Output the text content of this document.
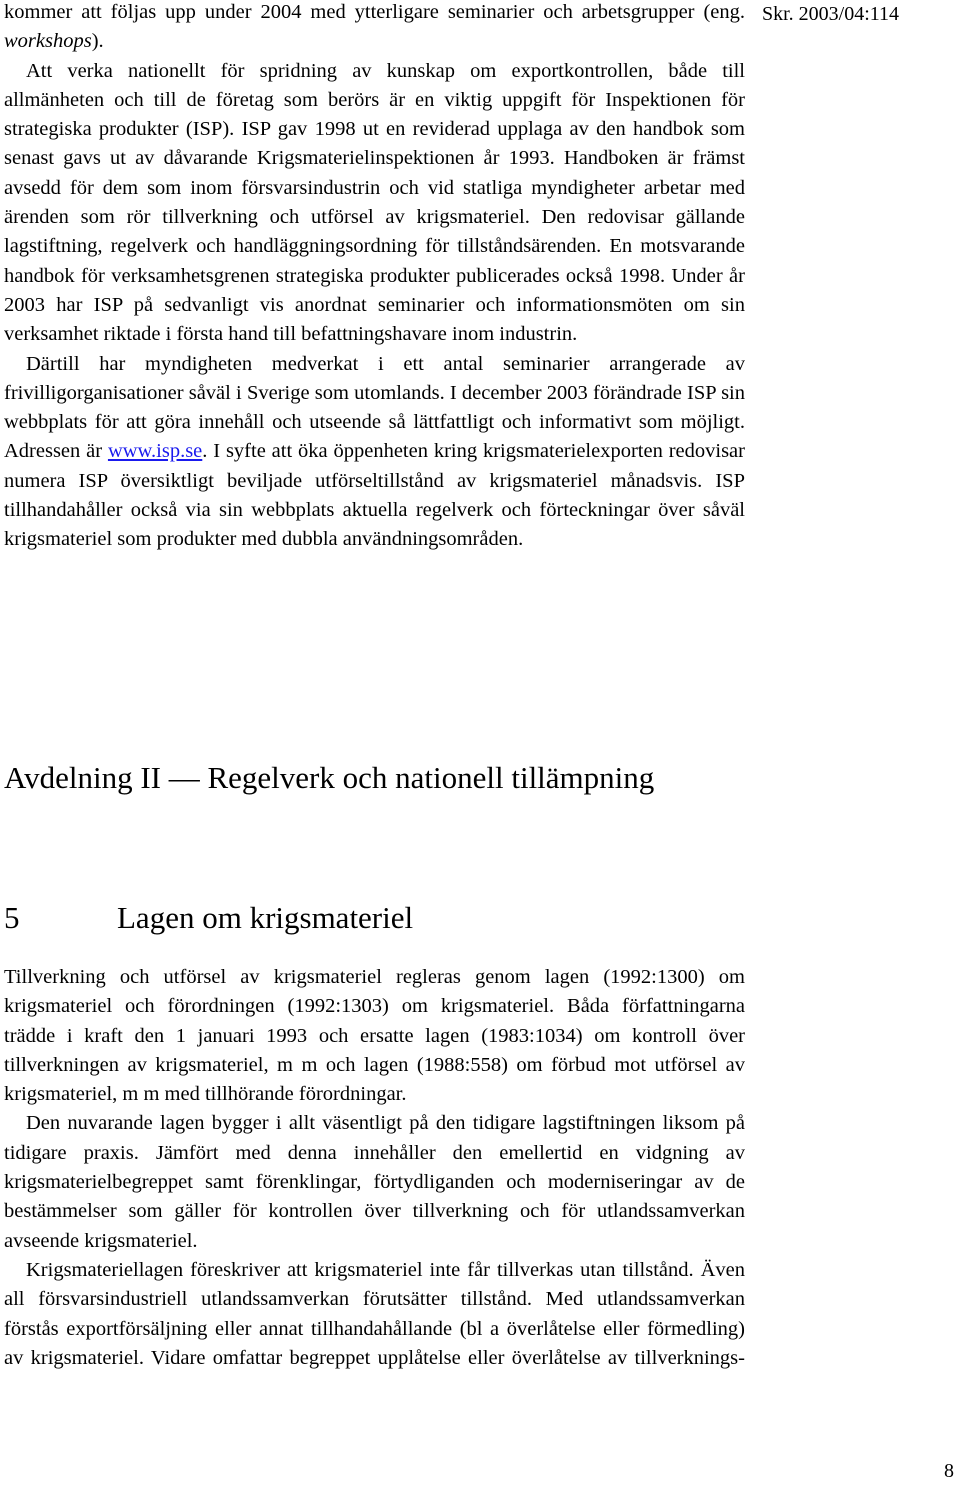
Skr. 2003/04:114

kommer att följas upp under 2004 med ytterligare seminarier och arbetsgrupper (eng. workshops).

Att verka nationellt för spridning av kunskap om exportkontrollen, både till allmänheten och till de företag som berörs är en viktig uppgift för Inspektionen för strategiska produkter (ISP). ISP gav 1998 ut en reviderad upplaga av den handbok som senast gavs ut av dåvarande Krigsmaterielinspektionen år 1993. Handboken är främst avsedd för dem som inom försvarsindustrin och vid statliga myndigheter arbetar med ärenden som rör tillverkning och utförsel av krigsmateriel. Den redovisar gällande lagstiftning, regelverk och handläggningsordning för tillståndsärenden. En motsvarande handbok för verksamhetsgrenen strategiska produkter publicerades också 1998. Under år 2003 har ISP på sedvanligt vis anordnat seminarier och informationsmöten om sin verksamhet riktade i första hand till befattningshavare inom industrin.

Därtill har myndigheten medverkat i ett antal seminarier arrangerade av frivilligorganisationer såväl i Sverige som utomlands. I december 2003 förändrade ISP sin webbplats för att göra innehåll och utseende så lättfattligt och informativt som möjligt. Adressen är www.isp.se. I syfte att öka öppenheten kring krigsmaterielexporten redovisar numera ISP översiktligt beviljade utförseltillstånd av krigsmateriel månadsvis. ISP tillhandahåller också via sin webbplats aktuella regelverk och förteckningar över såväl krigsmateriel som produkter med dubbla användningsområden.

Avdelning II — Regelverk och nationell tillämpning
5	Lagen om krigsmateriel

Tillverkning och utförsel av krigsmateriel regleras genom lagen (1992:1300) om krigsmateriel och förordningen (1992:1303) om krigsmateriel. Båda författningarna trädde i kraft den 1 januari 1993 och ersatte lagen (1983:1034) om kontroll över tillverkningen av krigsmateriel, m m och lagen (1988:558) om förbud mot utförsel av krigsmateriel, m m med tillhörande förordningar.

Den nuvarande lagen bygger i allt väsentligt på den tidigare lagstiftningen liksom på tidigare praxis. Jämfört med denna innehåller den emellertid en vidgning av krigsmaterielbegreppet samt förenklingar, förtydliganden och moderniseringar av de bestämmelser som gäller för kontrollen över tillverkning och för utlandssamverkan avseende krigsmateriel.

Krigsmateriellagen föreskriver att krigsmateriel inte får tillverkas utan tillstånd. Även all försvarsindustriell utlandssamverkan förutsätter tillstånd. Med utlandssamverkan förstås exportförsäljning eller annat tillhandahållande (bl a överlåtelse eller förmedling) av krigsmateriel. Vidare omfattar begreppet upplåtelse eller överlåtelse av tillverknings-

8
